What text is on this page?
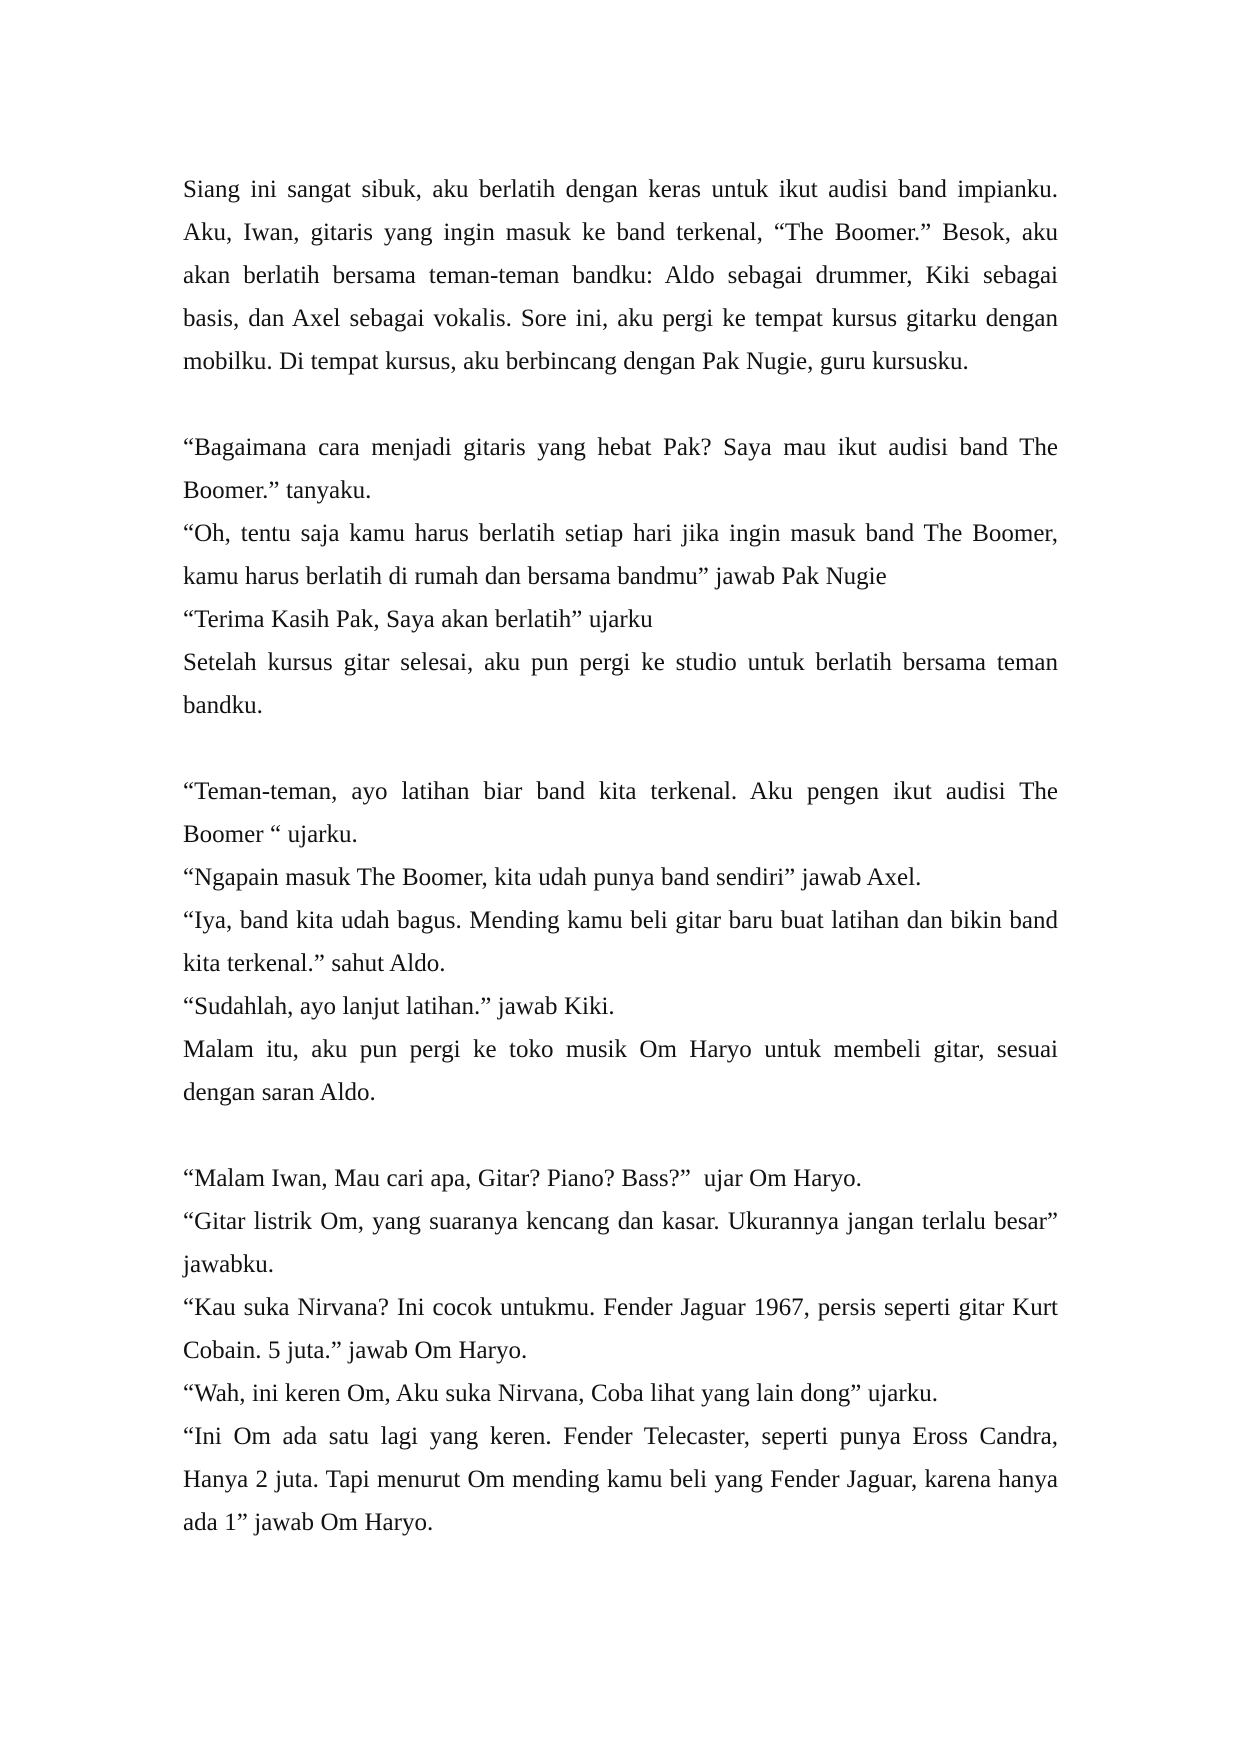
Siang ini sangat sibuk, aku berlatih dengan keras untuk ikut audisi band impianku. Aku, Iwan, gitaris yang ingin masuk ke band terkenal, “The Boomer.” Besok, aku akan berlatih bersama teman-teman bandku: Aldo sebagai drummer, Kiki sebagai basis, dan Axel sebagai vokalis. Sore ini, aku pergi ke tempat kursus gitarku dengan mobilku. Di tempat kursus, aku berbincang dengan Pak Nugie, guru kursusku.
“Bagaimana cara menjadi gitaris yang hebat Pak? Saya mau ikut audisi band The Boomer.” tanyaku.
“Oh, tentu saja kamu harus berlatih setiap hari jika ingin masuk band The Boomer, kamu harus berlatih di rumah dan bersama bandmu” jawab Pak Nugie
“Terima Kasih Pak, Saya akan berlatih” ujarku
Setelah kursus gitar selesai, aku pun pergi ke studio untuk berlatih bersama teman bandku.
“Teman-teman, ayo latihan biar band kita terkenal. Aku pengen ikut audisi The Boomer “ ujarku.
“Ngapain masuk The Boomer, kita udah punya band sendiri” jawab Axel.
“Iya, band kita udah bagus. Mending kamu beli gitar baru buat latihan dan bikin band kita terkenal.” sahut Aldo.
“Sudahlah, ayo lanjut latihan.” jawab Kiki.
Malam itu, aku pun pergi ke toko musik Om Haryo untuk membeli gitar, sesuai dengan saran Aldo.
“Malam Iwan, Mau cari apa, Gitar? Piano? Bass?”  ujar Om Haryo.
“Gitar listrik Om, yang suaranya kencang dan kasar. Ukurannya jangan terlalu besar” jawabku.
“Kau suka Nirvana? Ini cocok untukmu. Fender Jaguar 1967, persis seperti gitar Kurt Cobain. 5 juta.” jawab Om Haryo.
“Wah, ini keren Om, Aku suka Nirvana, Coba lihat yang lain dong” ujarku.
“Ini Om ada satu lagi yang keren. Fender Telecaster, seperti punya Eross Candra, Hanya 2 juta. Tapi menurut Om mending kamu beli yang Fender Jaguar, karena hanya ada 1” jawab Om Haryo.
